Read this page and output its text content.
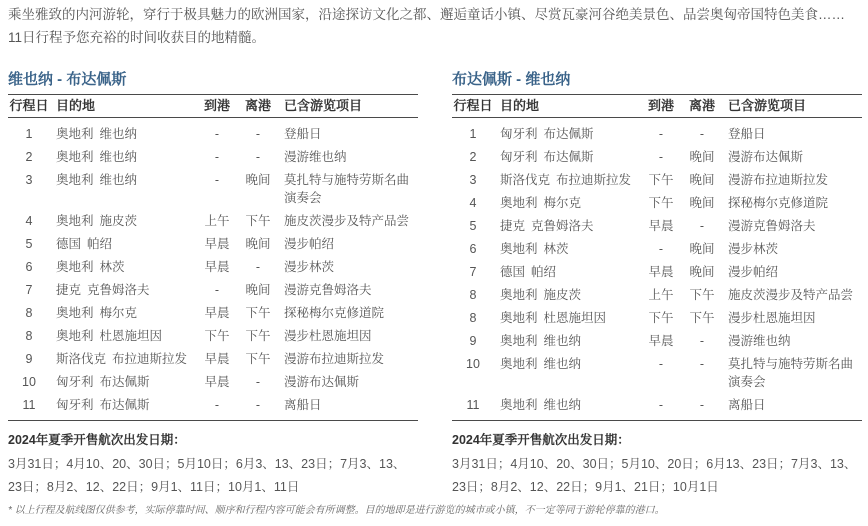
乘坐雅致的内河游轮，穿行于极具魅力的欧洲国家，沿途探访文化之都、邂逅童话小镇、尽赏瓦豪河谷绝美景色、品尝奥匈帝国特色美食……
11日行程予您充裕的时间收获目的地精髓。
维也纳 - 布达佩斯
行程日 目的地	到港	离港	已含游览项目
1	奥地利 维也纳	-	-	登船日
2	奥地利 维也纳	-	-	漫游维也纳
3	奥地利 维也纳	-	晚间	莫扎特与施特劳斯名曲演奏会
4	奥地利 施皮茨	上午	下午	施皮茨漫步及特产品尝
5	德国 帕绍	早晨	晚间	漫步帕绍
6	奥地利 林茨	早晨	-	漫步林茨
7	捷克 克鲁姆洛夫	-	晚间	漫游克鲁姆洛夫
8	奥地利 梅尔克	早晨	下午	探秘梅尔克修道院
8	奥地利 杜恩施坦因	下午	下午	漫步杜恩施坦因
9	斯洛伐克 布拉迪斯拉发	早晨	下午	漫游布拉迪斯拉发
10	匈牙利 布达佩斯	早晨	-	漫游布达佩斯
11	匈牙利 布达佩斯	-	-	离船日
2024年夏季开售航次出发日期：
3月31日；4月10、20、30日；5月10日；6月3、13、23日；7月3、13、
23日；8月2、12、22日；9月1、11日；10月1、11日
布达佩斯 - 维也纳
行程日 目的地	到港	离港	已含游览项目
1	匈牙利 布达佩斯	-	-	登船日
2	匈牙利 布达佩斯	-	晚间	漫游布达佩斯
3	斯洛伐克 布拉迪斯拉发	下午	晚间	漫游布拉迪斯拉发
4	奥地利 梅尔克	下午	晚间	探秘梅尔克修道院
5	捷克 克鲁姆洛夫	早晨	-	漫游克鲁姆洛夫
6	奥地利 林茨	-	晚间	漫步林茨
7	德国 帕绍	早晨	晚间	漫步帕绍
8	奥地利 施皮茨	上午	下午	施皮茨漫步及特产品尝
8	奥地利 杜恩施坦因	下午	下午	漫步杜恩施坦因
9	奥地利 维也纳	早晨	-	漫游维也纳
10	奥地利 维也纳	-	-	莫扎特与施特劳斯名曲演奏会
11	奥地利 维也纳	-	-	离船日
2024年夏季开售航次出发日期：
3月31日；4月10、20、30日；5月10、20日；6月13、23日；7月3、13、
23日；8月2、12、22日；9月1、21日；10月1日
* 以上行程及航线图仅供参考，实际停靠时间、顺序和行程内容可能会有所调整。目的地即是进行游览的城市或小镇，不一定等同于游轮停靠的港口。
